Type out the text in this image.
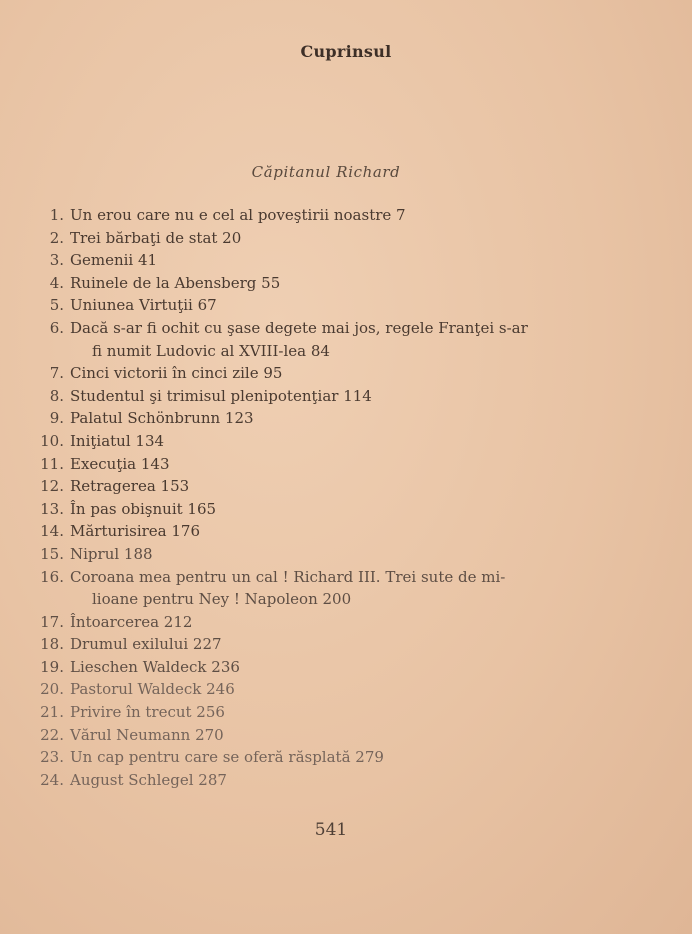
Cuprinsul
Căpitanul Richard
1. Un erou care nu e cel al poveştirii noastre 7
2. Trei bărbaţi de stat 20
3. Gemenii 41
4. Ruinele de la Abensberg 55
5. Uniunea Virtuţii 67
6. Dacă s-ar fi ochit cu şase degete mai jos, regele Franţei s-ar
fi numit Ludovic al XVIII-lea 84
7. Cinci victorii în cinci zile 95
8. Studentul şi trimisul plenipotenţiar 114
9. Palatul Schönbrunn 123
10. Iniţiatul 134
11. Execuţia 143
12. Retragerea 153
13. În pas obişnuit 165
14. Mărturisirea 176
15. Niprul 188
16. Coroana mea pentru un cal ! Richard III. Trei sute de mi-
lioane pentru Ney ! Napoleon 200
17. Întoarcerea 212
18. Drumul exilului 227
19. Lieschen Waldeck 236
20. Pastorul Waldeck 246
21. Privire în trecut 256
22. Vărul Neumann 270
23. Un cap pentru care se oferă răsplată 279
24. August Schlegel 287
541
